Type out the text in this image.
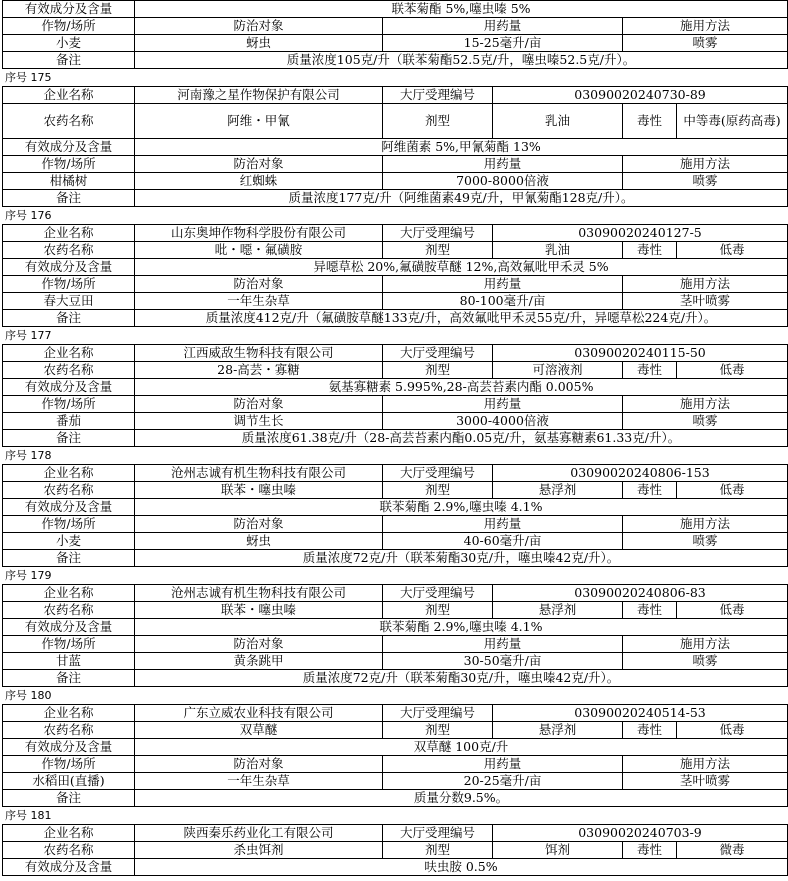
有效成分及含量	联苯菊酯 5%,噻虫嗪 5%		
作物/场所	防治对象	用药量	施用方法
小麦	蚜虫	15-25毫升/亩	喷雾
备注	质量浓度105克/升（联苯菊酯52.5克/升，噻虫嗪52.5克/升）。		
序号 175
企业名称	河南豫之星作物保护有限公司	大厅受理编号	03090020240730-89		
农药名称	阿维・甲氰	剂型	乳油	毒性	中等毒(原药高毒)
有效成分及含量	阿维菌素 5%,甲氰菊酯 13%				
作物/场所	防治对象	用药量		施用方法	
柑橘树	红蜘蛛	7000-8000倍液		喷雾	
备注	质量浓度177克/升（阿维菌素49克/升，甲氰菊酯128克/升）。				
序号 176
企业名称	山东奥坤作物科学股份有限公司	大厅受理编号	03090020240127-5		
农药名称	吡・噁・氟磺胺	剂型	乳油	毒性	低毒
有效成分及含量	异噁草松 20%,氟磺胺草醚 12%,高效氟吡甲禾灵 5%				
作物/场所	防治对象	用药量		施用方法	
春大豆田	一年生杂草	80-100毫升/亩		茎叶喷雾	
备注	质量浓度412克/升（氟磺胺草醚133克/升，高效氟吡甲禾灵55克/升，异噁草松224克/升）。				
序号 177
企业名称	江西威敌生物科技有限公司	大厅受理编号	03090020240115-50		
农药名称	28-高芸・寡糖	剂型	可溶液剂	毒性	低毒
有效成分及含量	氨基寡糖素 5.995%,28-高芸苔素内酯 0.005%				
作物/场所	防治对象	用药量		施用方法	
番茄	调节生长	3000-4000倍液		喷雾	
备注	质量浓度61.38克/升（28-高芸苔素内酯0.05克/升，氨基寡糖素61.33克/升）。				
序号 178
企业名称	沧州志诚有机生物科技有限公司	大厅受理编号	03090020240806-153		
农药名称	联苯・噻虫嗪	剂型	悬浮剂	毒性	低毒
有效成分及含量	联苯菊酯 2.9%,噻虫嗪 4.1%				
作物/场所	防治对象	用药量		施用方法	
小麦	蚜虫	40-60毫升/亩		喷雾	
备注	质量浓度72克/升（联苯菊酯30克/升，噻虫嗪42克/升）。				
序号 179
企业名称	沧州志诚有机生物科技有限公司	大厅受理编号	03090020240806-83		
农药名称	联苯・噻虫嗪	剂型	悬浮剂	毒性	低毒
有效成分及含量	联苯菊酯 2.9%,噻虫嗪 4.1%				
作物/场所	防治对象	用药量		施用方法	
甘蓝	黄条跳甲	30-50毫升/亩		喷雾	
备注	质量浓度72克/升（联苯菊酯30克/升，噻虫嗪42克/升）。				
序号 180
企业名称	广东立威农业科技有限公司	大厅受理编号	03090020240514-53		
农药名称	双草醚	剂型	悬浮剂	毒性	低毒
有效成分及含量	双草醚 100克/升				
作物/场所	防治对象	用药量		施用方法	
水稻田(直播)	一年生杂草	20-25毫升/亩		茎叶喷雾	
备注	质量分数9.5%。				
序号 181
企业名称	陕西秦乐药业化工有限公司	大厅受理编号	03090020240703-9		
农药名称	杀虫饵剂	剂型	饵剂	毒性	微毒
有效成分及含量	呋虫胺 0.5%				
